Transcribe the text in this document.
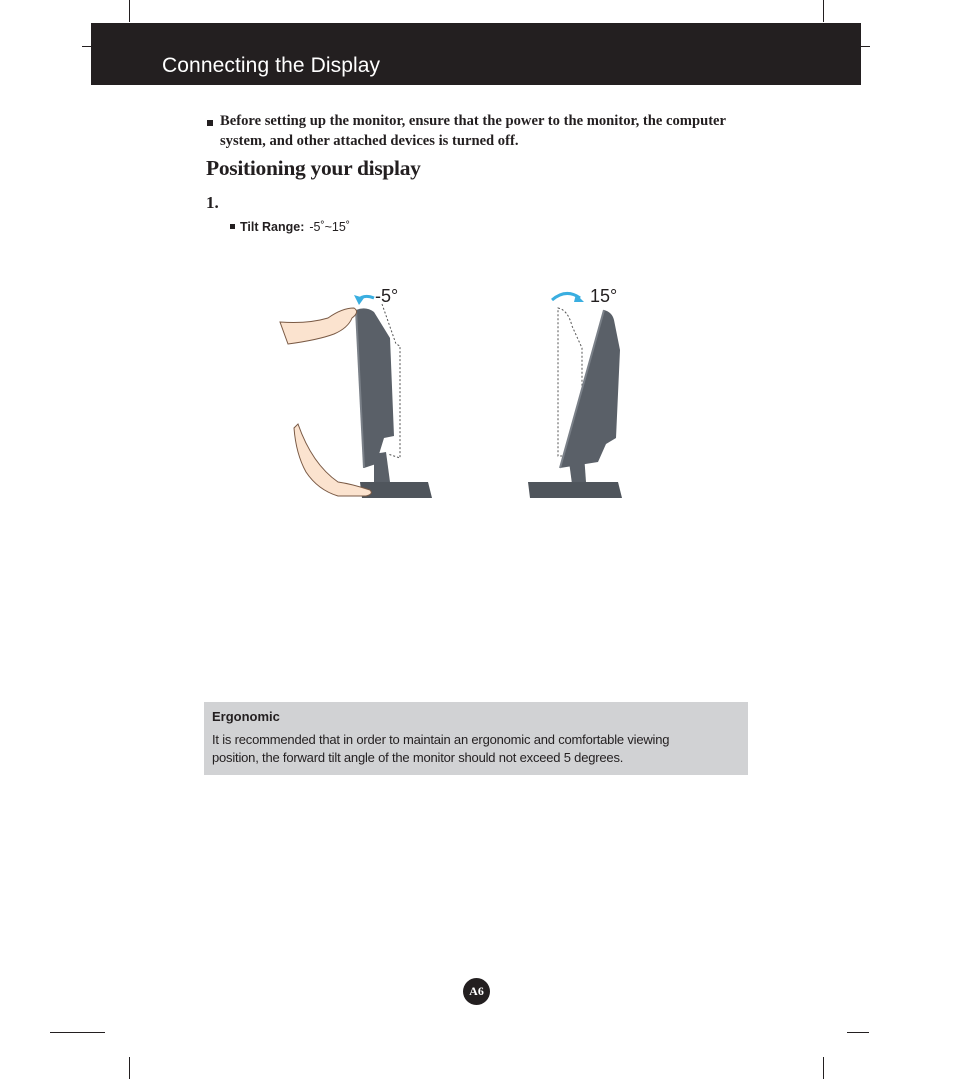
Connecting the Display
Before setting up the monitor, ensure that the power to the monitor, the computer system, and other attached devices is turned off.
Positioning your display
1.
Tilt Range: -5˚~15˚
-5°	15°
Ergonomic

It is recommended that in order to maintain an ergonomic and comfortable viewing position, the forward tilt angle of the monitor should not exceed 5 degrees.

A6
